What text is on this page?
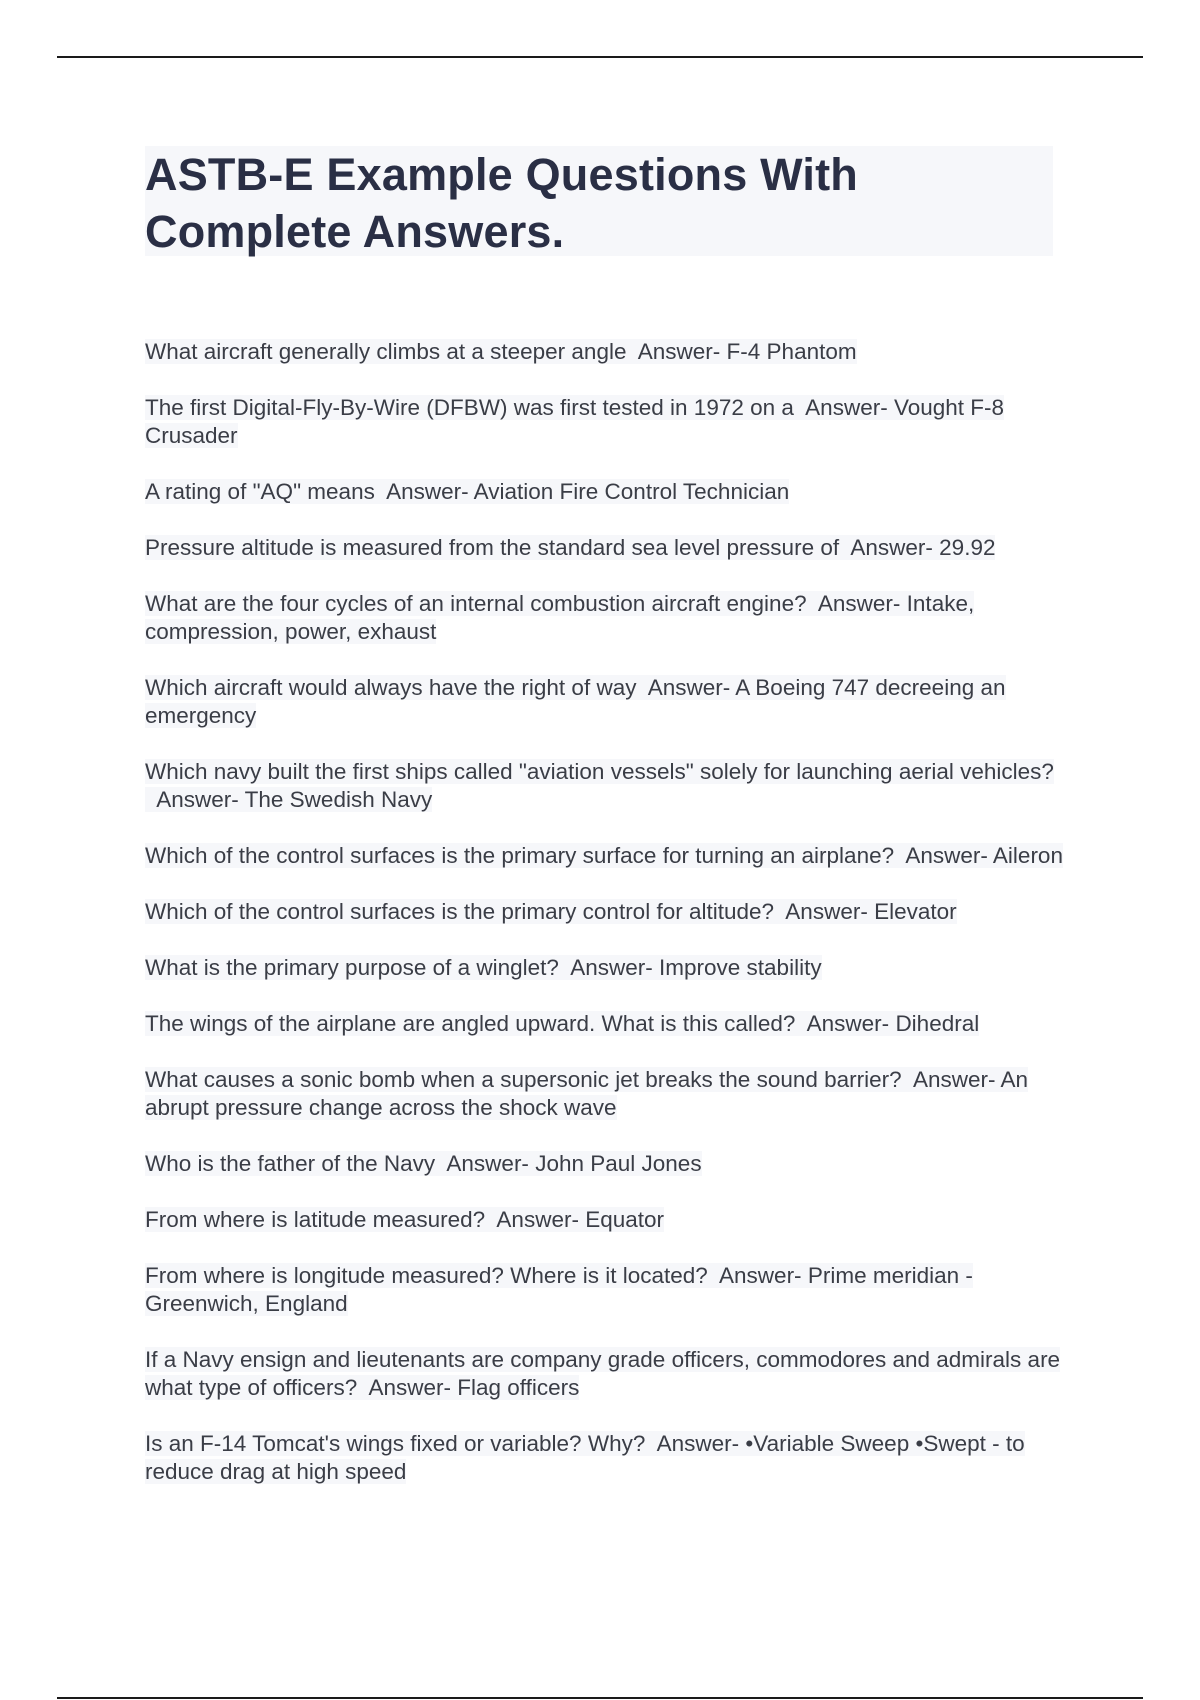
ASTB-E Example Questions With
Complete Answers.
What aircraft generally climbs at a steeper angle Answer- F-4 Phantom
The first Digital-Fly-By-Wire (DFBW) was first tested in 1972 on a Answer- Vought F-8 Crusader
A rating of "AQ" means Answer- Aviation Fire Control Technician
Pressure altitude is measured from the standard sea level pressure of Answer- 29.92
What are the four cycles of an internal combustion aircraft engine? Answer- Intake, compression, power, exhaust
Which aircraft would always have the right of way Answer- A Boeing 747 decreeing an emergency
Which navy built the first ships called "aviation vessels" solely for launching aerial vehicles?  Answer- The Swedish Navy
Which of the control surfaces is the primary surface for turning an airplane? Answer- Aileron
Which of the control surfaces is the primary control for altitude? Answer- Elevator
What is the primary purpose of a winglet? Answer- Improve stability
The wings of the airplane are angled upward. What is this called? Answer- Dihedral
What causes a sonic bomb when a supersonic jet breaks the sound barrier? Answer- An abrupt pressure change across the shock wave
Who is the father of the Navy Answer- John Paul Jones
From where is latitude measured? Answer- Equator
From where is longitude measured? Where is it located? Answer- Prime meridian - Greenwich, England
If a Navy ensign and lieutenants are company grade officers, commodores and admirals are what type of officers? Answer- Flag officers
Is an F-14 Tomcat's wings fixed or variable? Why? Answer- •Variable Sweep •Swept - to reduce drag at high speed
